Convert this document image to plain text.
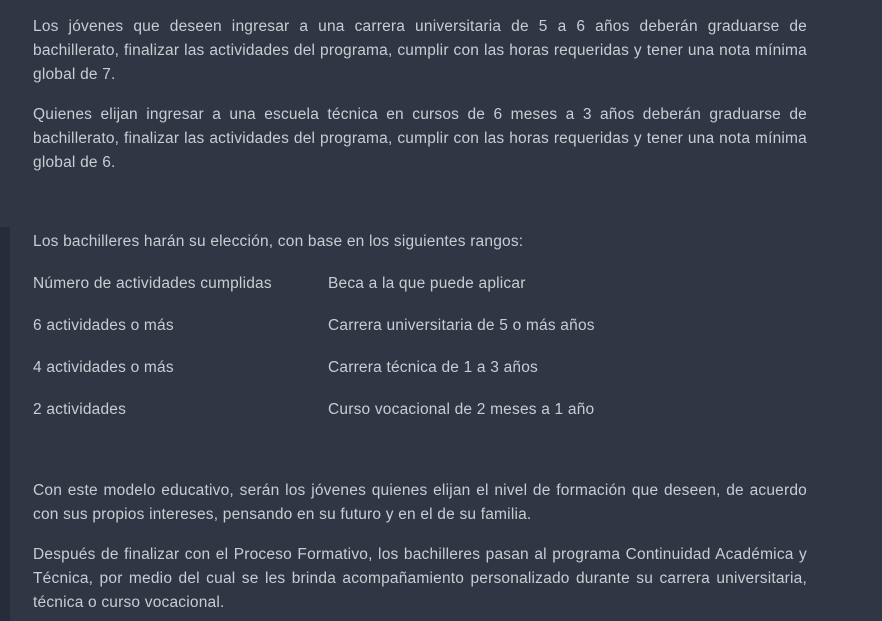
Los jóvenes que deseen ingresar a una carrera universitaria de 5 a 6 años deberán graduarse de bachillerato, finalizar las actividades del programa, cumplir con las horas requeridas y tener una nota mínima global de 7.

Quienes elijan ingresar a una escuela técnica en cursos de 6 meses a 3 años deberán graduarse de bachillerato, finalizar las actividades del programa, cumplir con las horas requeridas y tener una nota mínima global de 6.

Los bachilleres harán su elección, con base en los siguientes rangos:

Número de actividades cumplidas	Beca a la que puede aplicar
6 actividades o más	Carrera universitaria de 5 o más años
4 actividades o más	Carrera técnica de 1 a 3 años
2 actividades	Curso vocacional de 2 meses a 1 año

Con este modelo educativo, serán los jóvenes quienes elijan el nivel de formación que deseen, de acuerdo con sus propios intereses, pensando en su futuro y en el de su familia.

Después de finalizar con el Proceso Formativo, los bachilleres pasan al programa Continuidad Académica y Técnica, por medio del cual se les brinda acompañamiento personalizado durante su carrera universitaria, técnica o curso vocacional.
